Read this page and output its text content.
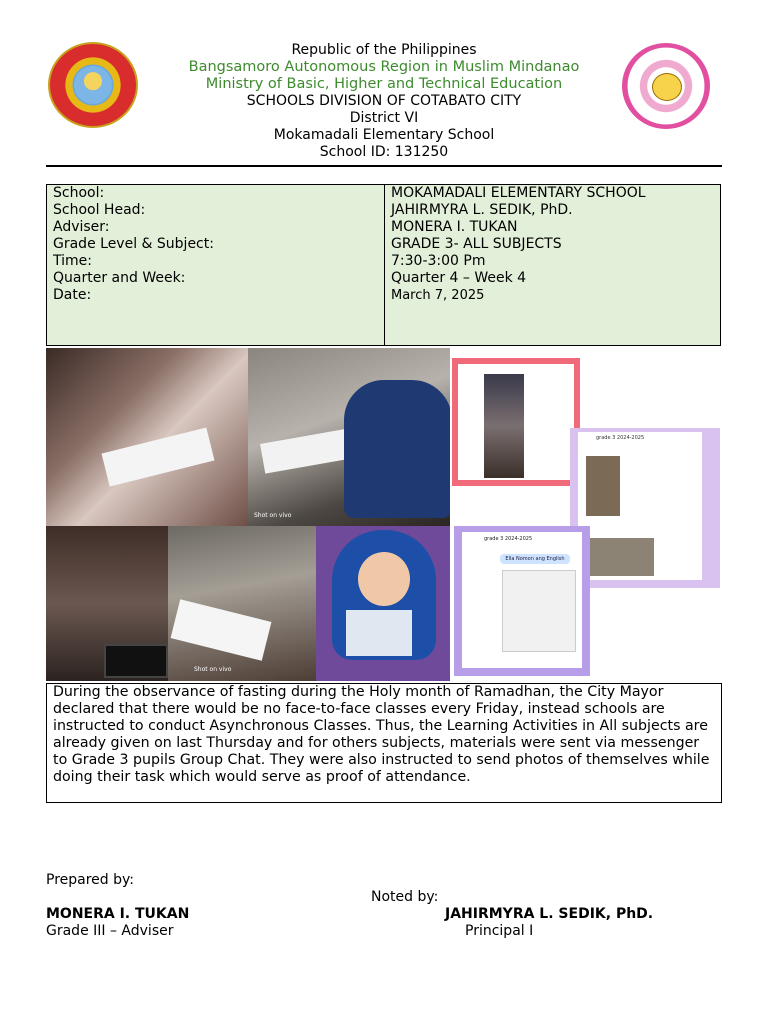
Republic of the Philippines
Bangsamoro Autonomous Region in Muslim Mindanao
Ministry of Basic, Higher and Technical Education
SCHOOLS DIVISION OF COTABATO CITY
District VI
Mokamadali Elementary School
School ID: 131250
School:
School Head:
Adviser:
Grade Level & Subject:
Time:
Quarter and Week:
Date:
MOKAMADALI ELEMENTARY SCHOOL
JAHIRMYRA L. SEDIK, PhD.
MONERA I. TUKAN
GRADE 3- ALL SUBJECTS
7:30-3:00 Pm
Quarter 4 – Week 4
March 7, 2025
Shot on vivo
Shot on vivo
grade 3 2024-2025
grade 3 2024-2025
Ella Nomon ang English
During the observance of fasting during the Holy month of Ramadhan, the City Mayor declared that there would be no face-to-face classes every Friday, instead schools are instructed to conduct Asynchronous Classes. Thus, the Learning Activities in All subjects are already given on last Thursday and for others subjects, materials were sent via messenger to Grade 3 pupils Group Chat. They were also instructed to send photos of themselves while doing their task which would serve as proof of attendance.
Prepared by:
Noted by:
MONERA I. TUKAN
Grade III – Adviser
JAHIRMYRA L. SEDIK, PhD.
Principal I
